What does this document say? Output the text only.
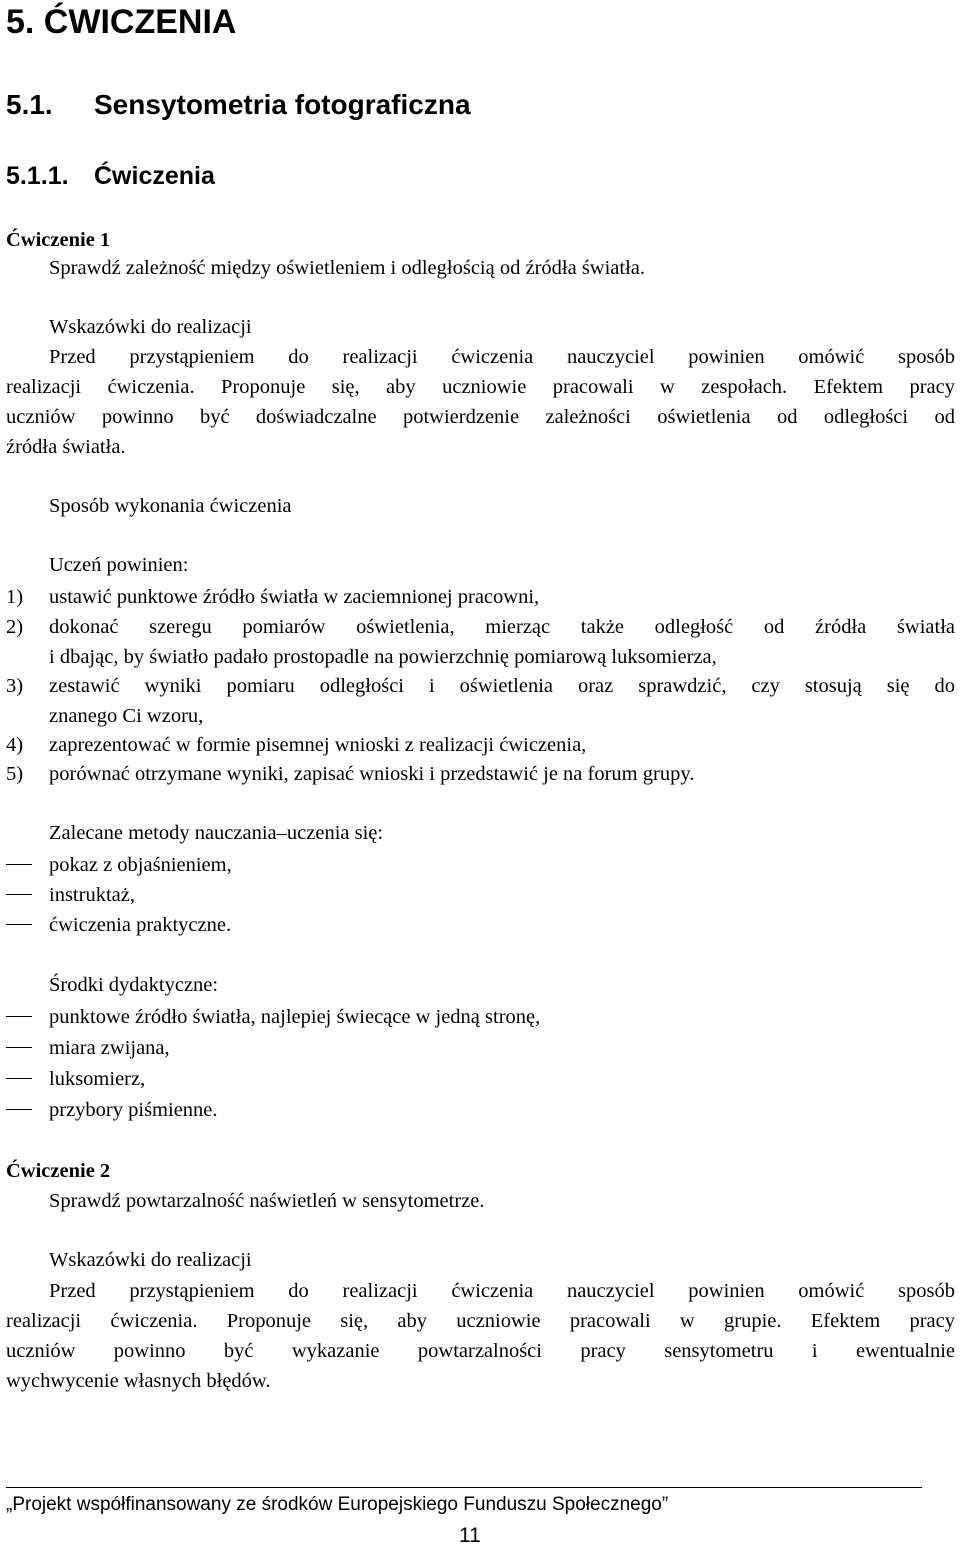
5. ĆWICZENIA
5.1. Sensytometria fotograficzna
5.1.1. Ćwiczenia
Ćwiczenie 1
Sprawdź zależność między oświetleniem i odległością od źródła światła.
Wskazówki do realizacji
Przed przystąpieniem do realizacji ćwiczenia nauczyciel powinien omówić sposób
realizacji ćwiczenia. Proponuje się, aby uczniowie pracowali w zespołach. Efektem pracy
uczniów powinno być doświadczalne potwierdzenie zależności oświetlenia od odległości od
źródła światła.
Sposób wykonania ćwiczenia
Uczeń powinien:
1) ustawić punktowe źródło światła w zaciemnionej pracowni,
2) dokonać szeregu pomiarów oświetlenia, mierząc także odległość od źródła światła
i dbając, by światło padało prostopadle na powierzchnię pomiarową luksomierza,
3) zestawić wyniki pomiaru odległości i oświetlenia oraz sprawdzić, czy stosują się do
znanego Ci wzoru,
4) zaprezentować w formie pisemnej wnioski z realizacji ćwiczenia,
5) porównać otrzymane wyniki, zapisać wnioski i przedstawić je na forum grupy.
Zalecane metody nauczania–uczenia się:
pokaz z objaśnieniem,
instruktaż,
ćwiczenia praktyczne.
Środki dydaktyczne:
punktowe źródło światła, najlepiej świecące w jedną stronę,
miara zwijana,
luksomierz,
przybory piśmienne.
Ćwiczenie 2
Sprawdź powtarzalność naświetleń w sensytometrze.
Wskazówki do realizacji
Przed przystąpieniem do realizacji ćwiczenia nauczyciel powinien omówić sposób
realizacji ćwiczenia. Proponuje się, aby uczniowie pracowali w grupie. Efektem pracy
uczniów powinno być wykazanie powtarzalności pracy sensytometru i ewentualnie
wychwycenie własnych błędów.
„Projekt współfinansowany ze środków Europejskiego Funduszu Społecznego”
11
